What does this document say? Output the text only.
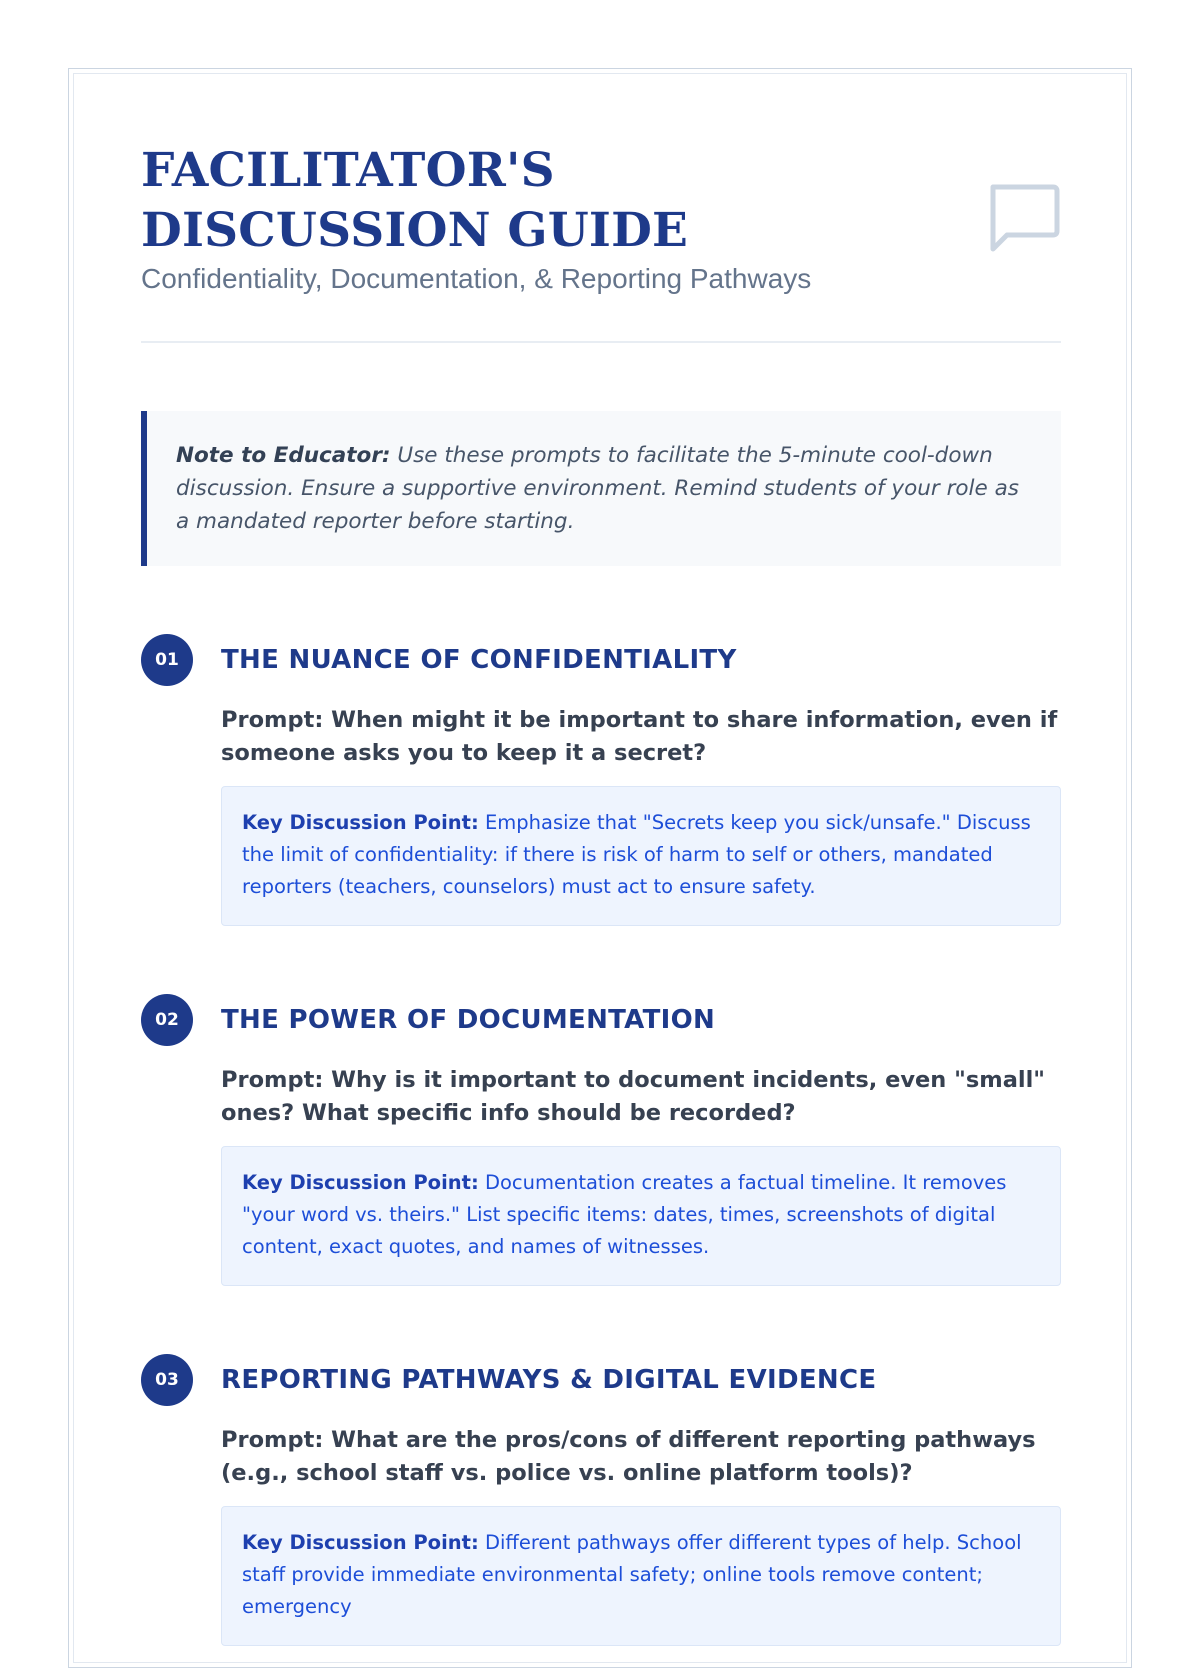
FACILITATOR'S DISCUSSION GUIDE
Confidentiality, Documentation, & Reporting Pathways
Note to Educator: Use these prompts to facilitate the 5-minute cool-down discussion. Ensure a supportive environment. Remind students of your role as a mandated reporter before starting.
01	THE NUANCE OF CONFIDENTIALITY

Prompt: When might it be important to share information, even if someone asks you to keep it a secret?

Key Discussion Point: Emphasize that "Secrets keep you sick/unsafe." Discuss the limit of confidentiality: if there is risk of harm to self or others, mandated reporters (teachers, counselors) must act to ensure safety.
02	THE POWER OF DOCUMENTATION

Prompt: Why is it important to document incidents, even "small" ones? What specific info should be recorded?

Key Discussion Point: Documentation creates a factual timeline. It removes "your word vs. theirs." List specific items: dates, times, screenshots of digital content, exact quotes, and names of witnesses.
03	REPORTING PATHWAYS & DIGITAL EVIDENCE

Prompt: What are the pros/cons of different reporting pathways (e.g., school staff vs. police vs. online platform tools)?

Key Discussion Point: Different pathways offer different types of help. School staff provide immediate environmental safety; online tools remove content; emergency
